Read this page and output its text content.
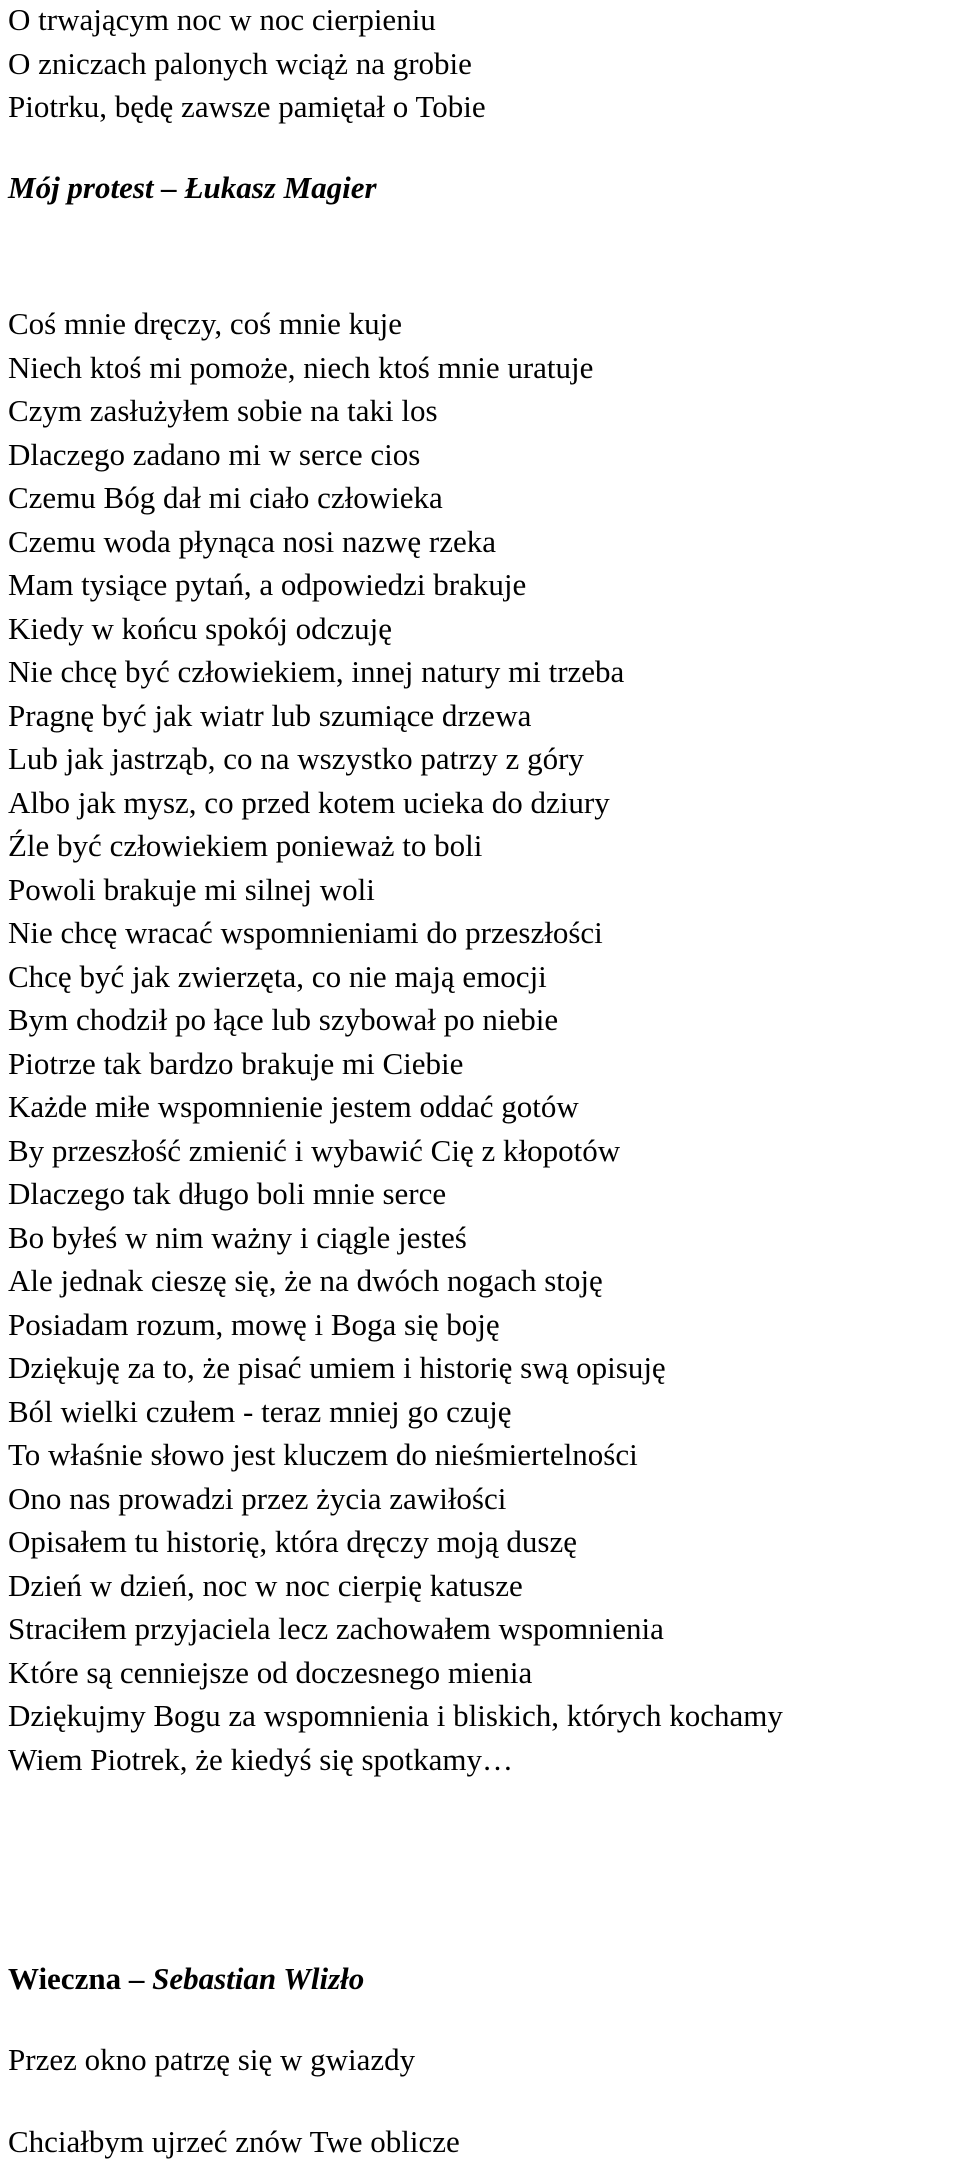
O trwającym noc w noc cierpieniu
O zniczach palonych wciąż na grobie
Piotrku, będę zawsze pamiętał o Tobie
Mój protest – Łukasz Magier
Coś mnie dręczy, coś mnie kuje
Niech ktoś mi pomoże, niech ktoś mnie uratuje
Czym zasłużyłem sobie na taki los
Dlaczego zadano mi w serce cios
Czemu Bóg dał mi ciało człowieka
Czemu woda płynąca nosi nazwę rzeka
Mam tysiące pytań, a odpowiedzi brakuje
Kiedy w końcu spokój odczuję
Nie chcę być człowiekiem, innej natury mi trzeba
Pragnę być jak wiatr lub szumiące drzewa
Lub jak jastrząb, co na wszystko patrzy z góry
Albo jak mysz, co przed kotem ucieka do dziury
Źle być człowiekiem ponieważ to boli
Powoli brakuje mi silnej woli
Nie chcę wracać wspomnieniami do przeszłości
Chcę być jak zwierzęta, co nie mają emocji
Bym chodził po łące lub szybował po niebie
Piotrze tak bardzo brakuje mi Ciebie
Każde miłe wspomnienie jestem oddać gotów
By przeszłość zmienić i wybawić Cię z kłopotów
Dlaczego tak długo boli mnie serce
Bo byłeś w nim ważny i ciągle jesteś
Ale jednak cieszę się, że na dwóch nogach stoję
Posiadam rozum, mowę i Boga się boję
Dziękuję za to, że pisać umiem i historię swą opisuję
Ból wielki czułem - teraz mniej go czuję
To właśnie słowo jest kluczem do nieśmiertelności
Ono nas prowadzi przez życia zawiłości
Opisałem tu historię, która dręczy moją duszę
Dzień w dzień, noc w noc cierpię katusze
Straciłem przyjaciela lecz zachowałem wspomnienia
Które są cenniejsze od doczesnego mienia
Dziękujmy Bogu za wspomnienia i bliskich, których kochamy
Wiem Piotrek, że kiedyś się spotkamy…
Wieczna – Sebastian Wlizło
Przez okno patrzę się w gwiazdy
Chciałbym ujrzeć znów Twe oblicze
